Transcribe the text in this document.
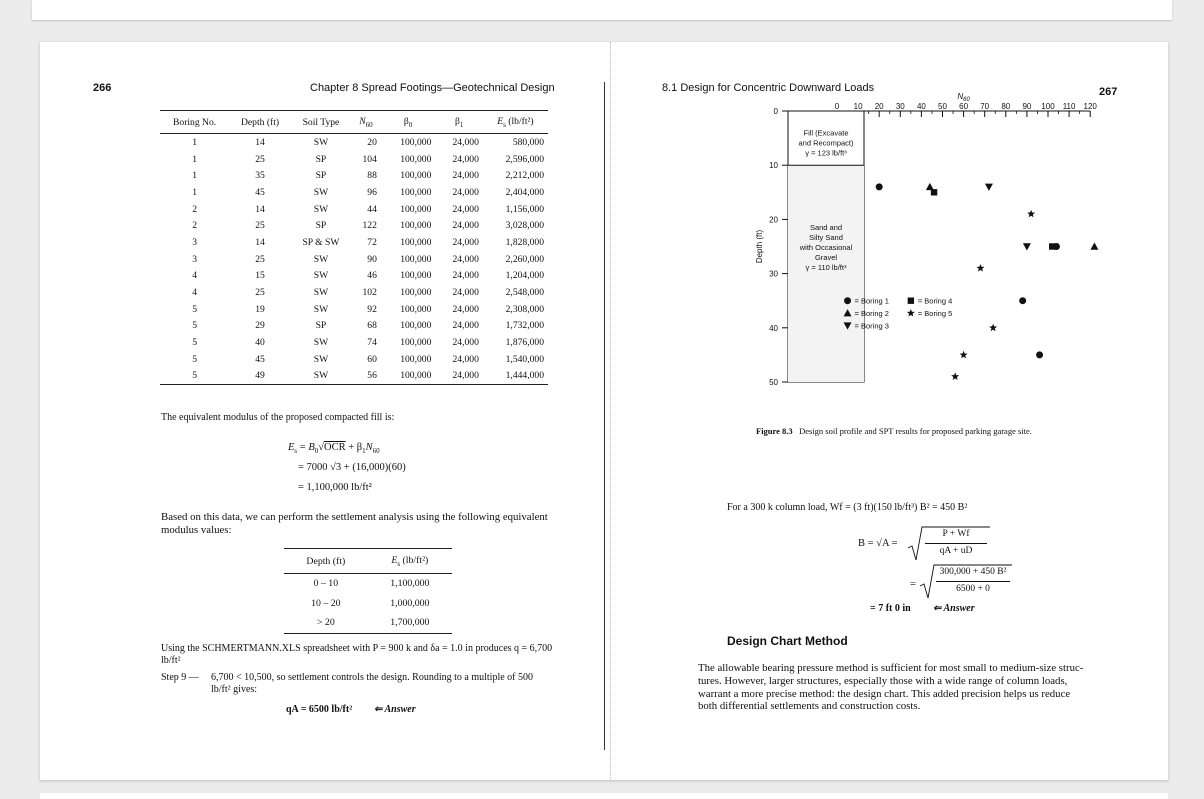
266	Chapter 8 Spread Footings—Geotechnical Design
Boring No.	Depth (ft)	Soil Type	$N_{60}$	$\beta_0$	$\beta_1$	$E_s$ (lb/ft²)
1	14	SW	20	100,000	24,000	580,000
1	25	SP	104	100,000	24,000	2,596,000
1	35	SP	88	100,000	24,000	2,212,000
1	45	SW	96	100,000	24,000	2,404,000
2	14	SW	44	100,000	24,000	1,156,000
2	25	SP	122	100,000	24,000	3,028,000
3	14	SP & SW	72	100,000	24,000	1,828,000
3	25	SW	90	100,000	24,000	2,260,000
4	15	SW	46	100,000	24,000	1,204,000
4	25	SW	102	100,000	24,000	2,548,000
5	19	SW	92	100,000	24,000	2,308,000
5	29	SP	68	100,000	24,000	1,732,000
5	40	SW	74	100,000	24,000	1,876,000
5	45	SW	60	100,000	24,000	1,540,000
5	49	SW	56	100,000	24,000	1,444,000
The equivalent modulus of the proposed compacted fill is:
$E_s = B_0√OCR + \beta_1N_{60}$
= 7000 √3 + (16,000)(60)
= 1,100,000 lb/ft²
Based on this data, we can perform the settlement analysis using the following equivalent modulus values:
Depth (ft)	$E_s$ (lb/ft²)
0 – 10	1,100,000
10 – 20	1,000,000
> 20	1,700,000
Using the SCHMERTMANN.XLS spreadsheet with P = 900 k and δa = 1.0 in produces q = 6,700
lb/ft²
Step 9 — 6,700 < 10,500, so settlement controls the design. Rounding to a multiple of 500
lb/ft² gives:
qA = 6500 lb/ft² ⇐ Answer
8.1 Design for Concentric Downward Loads	267
0
10
20
30
40
50
Depth (ft)
0 10 20 30 40 50 60 70 80 90 100 110 120
$N_{60}$
Fill (Excavate
and Recompact)
γ = 123 lb/ft³
Sand and
Silty Sand
with Occasional
Gravel
γ = 110 lb/ft³
= Boring 1	= Boring 4
= Boring 2	= Boring 5
= Boring 3
Figure 8.3 Design soil profile and SPT results for proposed parking garage site.
For a 300 k column load, Wf = (3 ft)(150 lb/ft³) B² = 450 B²
B = √A =
P + Wf
qA + uD
=
300,000 + 450 B²
6500 + 0
= 7 ft 0 in ⇐ Answer
Design Chart Method
The allowable bearing pressure method is sufficient for most small to medium-size struc-
tures. However, larger structures, especially those with a wide range of column loads,
warrant a more precise method: the design chart. This added precision helps us reduce
both differential settlements and construction costs.
